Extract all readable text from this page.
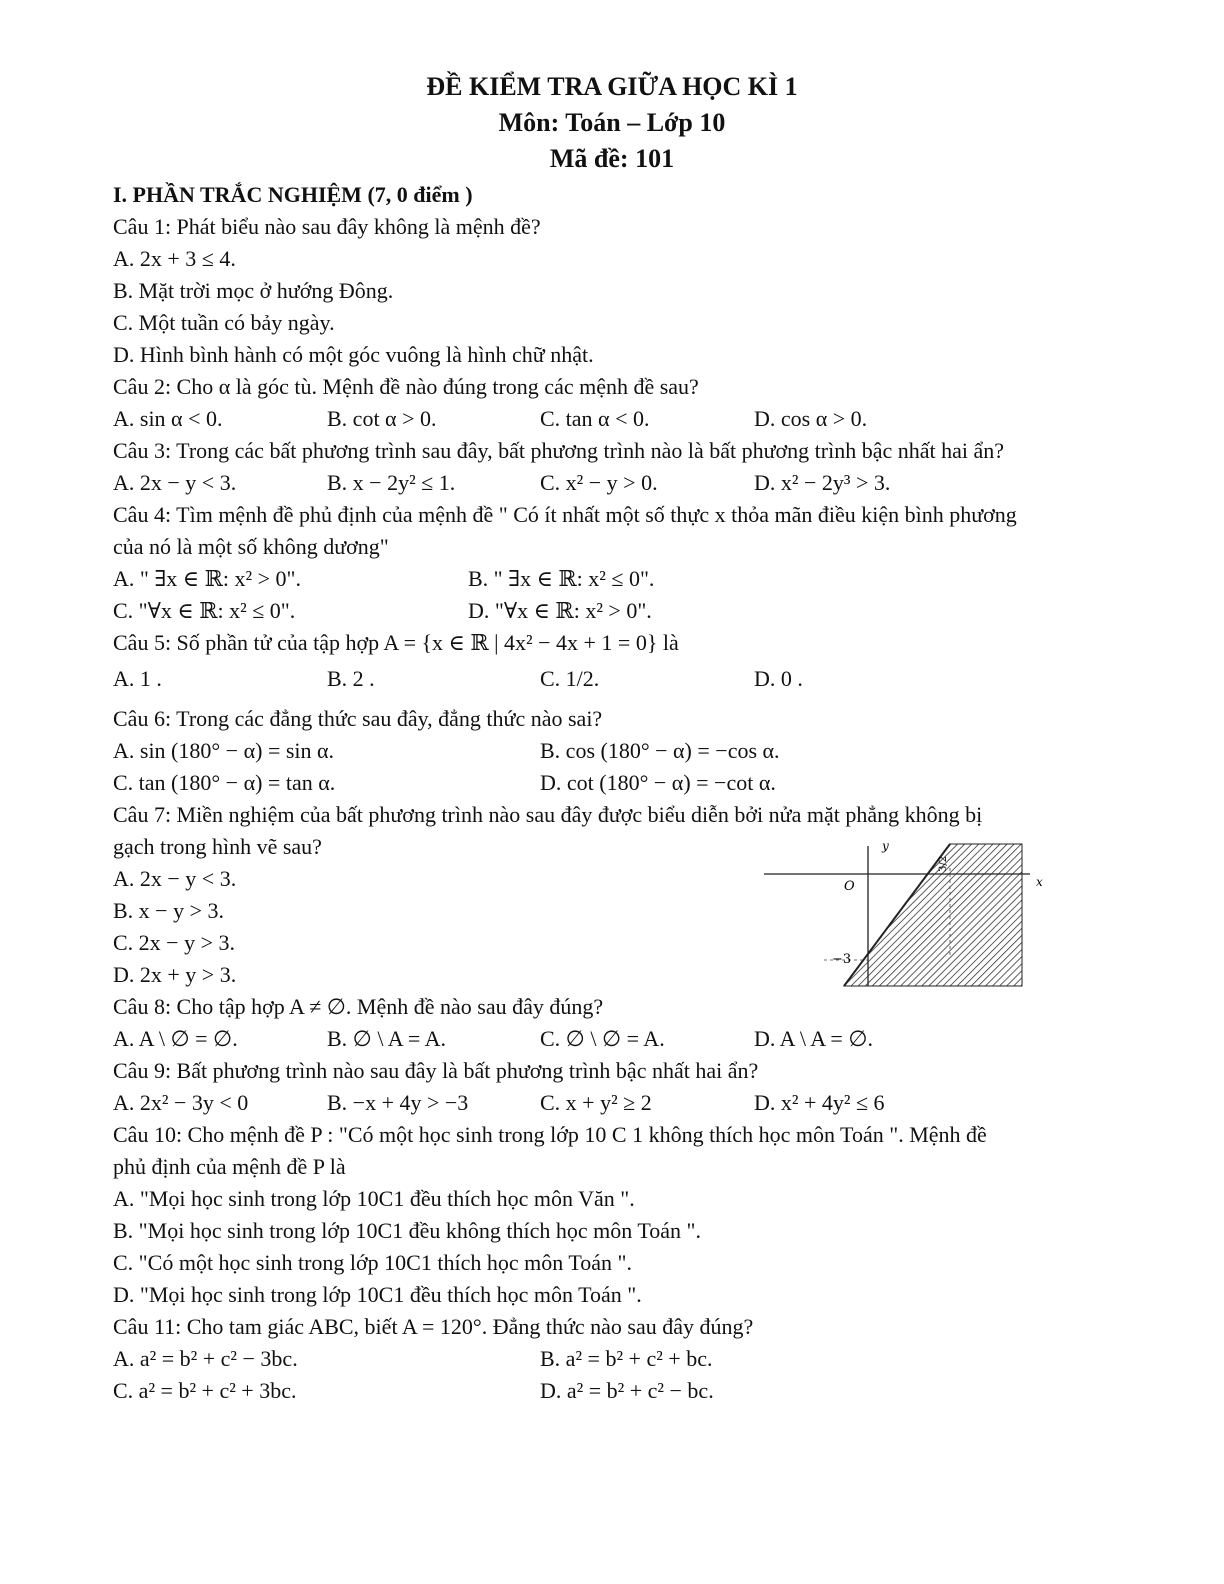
ĐỀ KIỂM TRA GIỮA HỌC KÌ 1
Môn: Toán – Lớp 10
Mã đề: 101
I. PHẦN TRẮC NGHIỆM (7, 0 điểm )
Câu 1: Phát biểu nào sau đây không là mệnh đề?
A. 2x + 3 ≤ 4.
B. Mặt trời mọc ở hướng Đông.
C. Một tuần có bảy ngày.
D. Hình bình hành có một góc vuông là hình chữ nhật.
Câu 2: Cho α là góc tù. Mệnh đề nào đúng trong các mệnh đề sau?
A. sin α < 0.	B. cot α > 0.	C. tan α < 0.	D. cos α > 0.
Câu 3: Trong các bất phương trình sau đây, bất phương trình nào là bất phương trình bậc nhất hai ẩn?
A. 2x − y < 3.	B. x − 2y² ≤ 1.	C. x² − y > 0.	D. x² − 2y³ > 3.
Câu 4: Tìm mệnh đề phủ định của mệnh đề " Có ít nhất một số thực x thỏa mãn điều kiện bình phương
của nó là một số không dương"
A. " ∃x ∈ ℝ: x² > 0".	B. " ∃x ∈ ℝ: x² ≤ 0".
C. "∀x ∈ ℝ: x² ≤ 0".	D. "∀x ∈ ℝ: x² > 0".
Câu 5: Số phần tử của tập hợp A = {x ∈ ℝ | 4x² − 4x + 1 = 0} là
A. 1 .	B. 2 .	C. 1/2.	D. 0 .
Câu 6: Trong các đẳng thức sau đây, đẳng thức nào sai?
A. sin (180° − α) = sin α.	B. cos (180° − α) = −cos α.
C. tan (180° − α) = tan α.	D. cot (180° − α) = −cot α.
Câu 7: Miền nghiệm của bất phương trình nào sau đây được biểu diễn bởi nửa mặt phẳng không bị
gạch trong hình vẽ sau?
A. 2x − y < 3.
B. x − y > 3.
C. 2x − y > 3.
D. 2x + y > 3.
y
x
O
−3
3/2
Câu 8: Cho tập hợp A ≠ ∅. Mệnh đề nào sau đây đúng?
A. A \ ∅ = ∅.	B. ∅ \ A = A.	C. ∅ \ ∅ = A.	D. A \ A = ∅.
Câu 9: Bất phương trình nào sau đây là bất phương trình bậc nhất hai ẩn?
A. 2x² − 3y < 0	B. −x + 4y > −3	C. x + y² ≥ 2	D. x² + 4y² ≤ 6
Câu 10: Cho mệnh đề P : "Có một học sinh trong lớp 10 C 1 không thích học môn Toán ". Mệnh đề
phủ định của mệnh đề P là
A. "Mọi học sinh trong lớp 10C1 đều thích học môn Văn ".
B. "Mọi học sinh trong lớp 10C1 đều không thích học môn Toán ".
C. "Có một học sinh trong lớp 10C1 thích học môn Toán ".
D. "Mọi học sinh trong lớp 10C1 đều thích học môn Toán ".
Câu 11: Cho tam giác ABC, biết A = 120°. Đẳng thức nào sau đây đúng?
A. a² = b² + c² − 3bc.	B. a² = b² + c² + bc.
C. a² = b² + c² + 3bc.	D. a² = b² + c² − bc.
